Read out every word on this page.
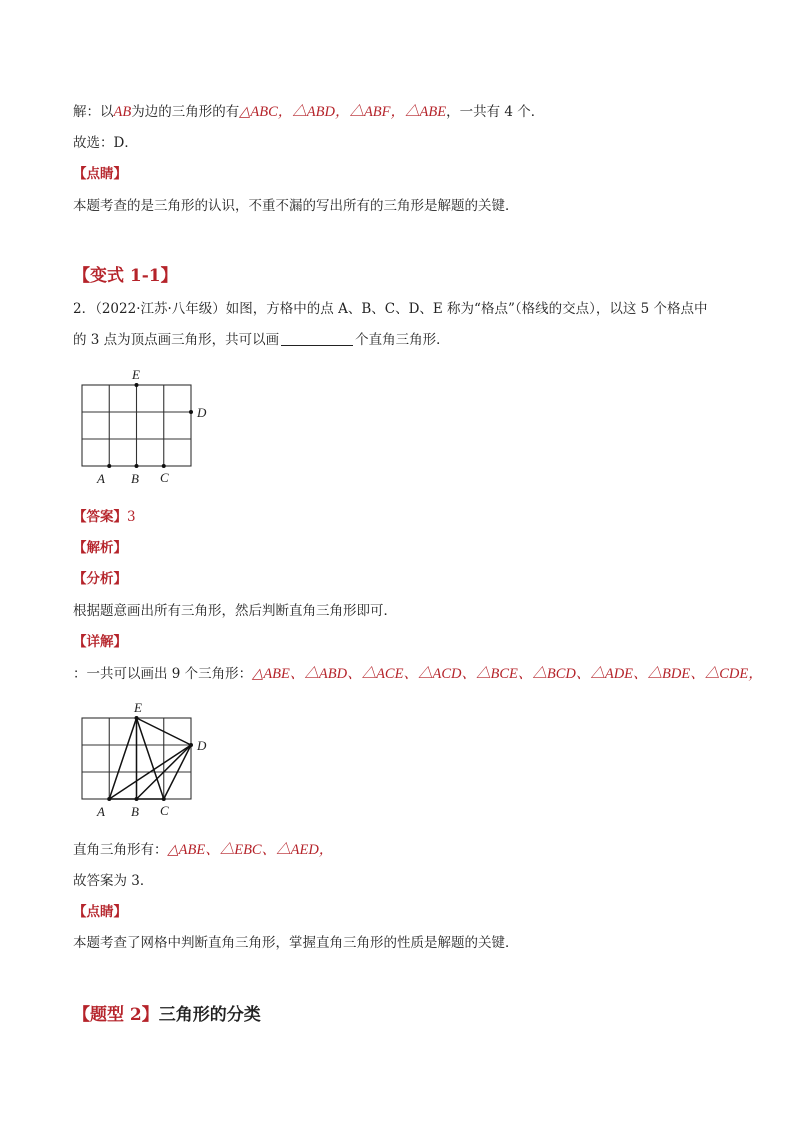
解：以AB为边的三角形的有△ABC，△ABD，△ABF，△ABE，一共有 4 个．
故选：D．
【点睛】
本题考查的是三角形的认识，不重不漏的写出所有的三角形是解题的关键．
【变式 1-1】
2．（2022·江苏·八年级）如图，方格中的点 A、B、C、D、E 称为“格点”（格线的交点），以这 5 个格点中
的 3 点为顶点画三角形，共可以画	个直角三角形．
E
D
A B C
【答案】3
【解析】
【分析】
根据题意画出所有三角形，然后判断直角三角形即可．
【详解】
：一共可以画出 9 个三角形：△ABE、△ABD、△ACE、△ACD、△BCE、△BCD、△ADE、△BDE、△CDE，
E
D
A B C
直角三角形有：△ABE、△EBC、△AED，
故答案为 3．
【点睛】
本题考查了网格中判断直角三角形，掌握直角三角形的性质是解题的关键．
【题型 2】三角形的分类
